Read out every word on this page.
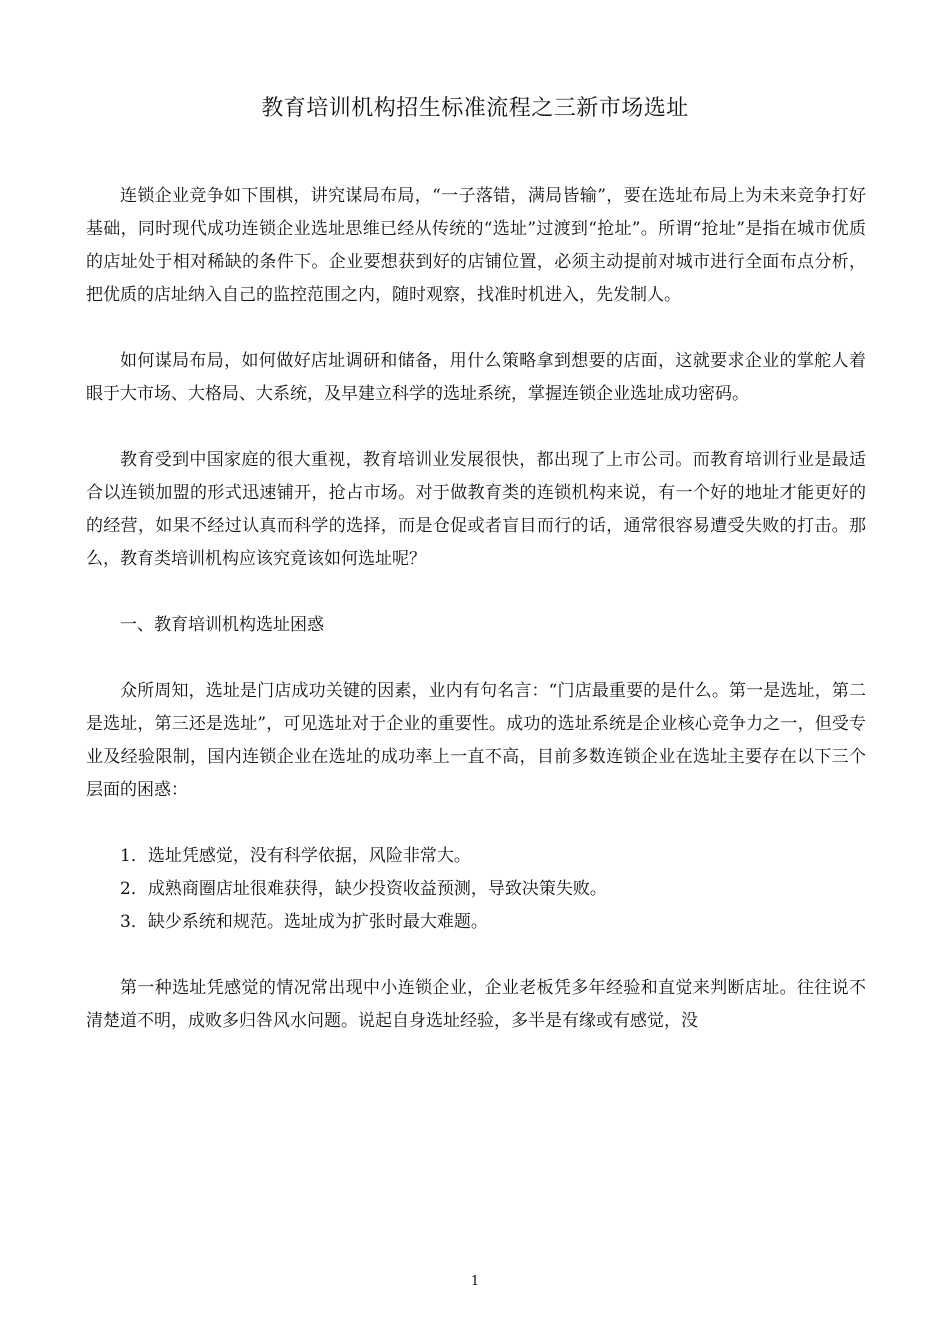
教育培训机构招生标准流程之三新市场选址

连锁企业竞争如下围棋，讲究谋局布局，“一子落错，满局皆输”，要在选址布局上为未来竞争打好基础，同时现代成功连锁企业选址思维已经从传统的“选址”过渡到“抢址”。所谓“抢址”是指在城市优质的店址处于相对稀缺的条件下。企业要想获到好的店铺位置，必须主动提前对城市进行全面布点分析，把优质的店址纳入自己的监控范围之内，随时观察，找准时机进入，先发制人。

如何谋局布局，如何做好店址调研和储备，用什么策略拿到想要的店面，这就要求企业的掌舵人着眼于大市场、大格局、大系统，及早建立科学的选址系统，掌握连锁企业选址成功密码。

教育受到中国家庭的很大重视，教育培训业发展很快，都出现了上市公司。而教育培训行业是最适合以连锁加盟的形式迅速铺开，抢占市场。对于做教育类的连锁机构来说，有一个好的地址才能更好的的经营，如果不经过认真而科学的选择，而是仓促或者盲目而行的话，通常很容易遭受失败的打击。那么，教育类培训机构应该究竟该如何选址呢？

一、教育培训机构选址困惑

众所周知，选址是门店成功关键的因素，业内有句名言：“门店最重要的是什么。第一是选址，第二是选址，第三还是选址”，可见选址对于企业的重要性。成功的选址系统是企业核心竞争力之一，但受专业及经验限制，国内连锁企业在选址的成功率上一直不高，目前多数连锁企业在选址主要存在以下三个层面的困惑：

1．选址凭感觉，没有科学依据，风险非常大。
2．成熟商圈店址很难获得，缺少投资收益预测，导致决策失败。
3．缺少系统和规范。选址成为扩张时最大难题。

第一种选址凭感觉的情况常出现中小连锁企业，企业老板凭多年经验和直觉来判断店址。往往说不清楚道不明，成败多归咎风水问题。说起自身选址经验，多半是有缘或有感觉，没

1
